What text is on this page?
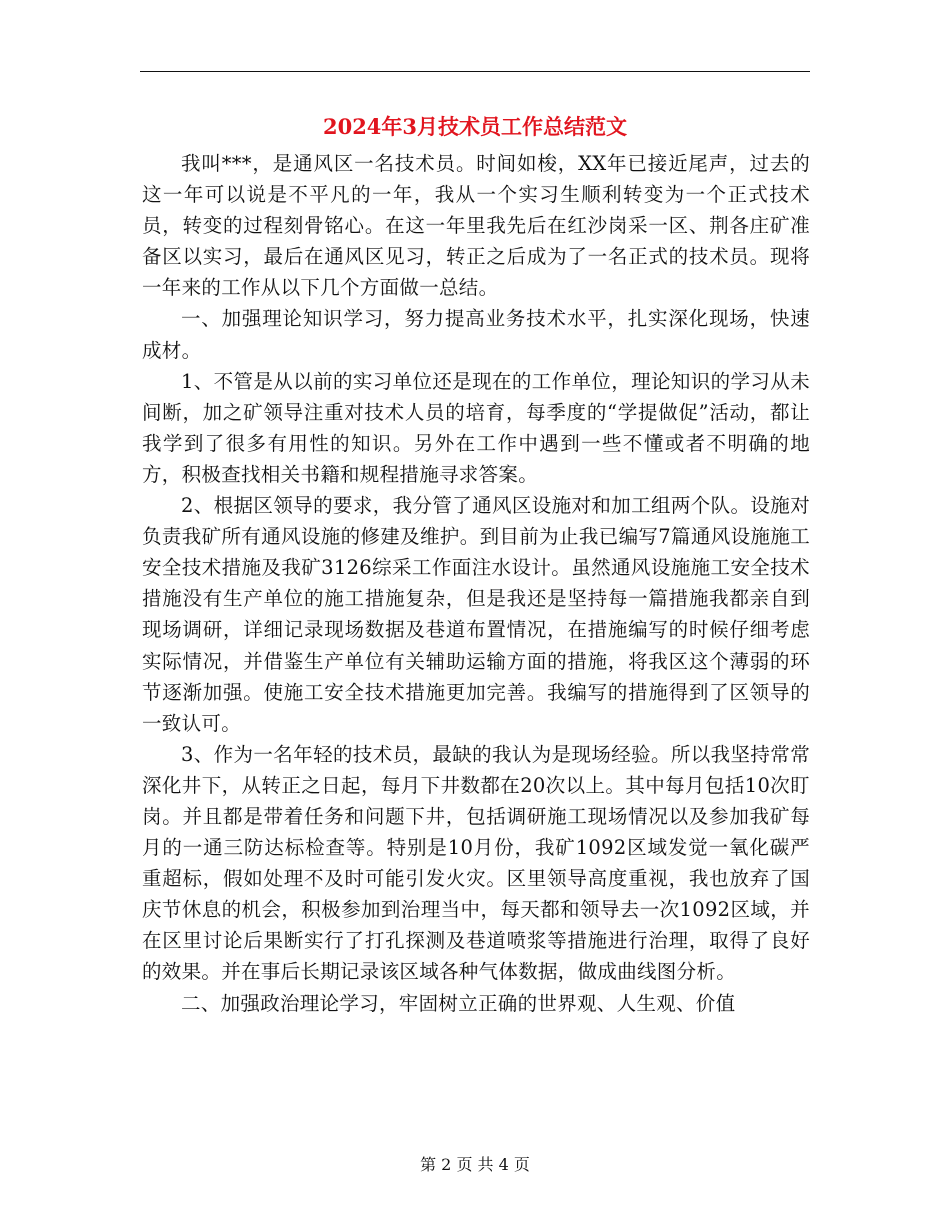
2024年3月技术员工作总结范文

我叫***，是通风区一名技术员。时间如梭，XX年已接近尾声，过去的这一年可以说是不平凡的一年，我从一个实习生顺利转变为一个正式技术员，转变的过程刻骨铭心。在这一年里我先后在红沙岗采一区、荆各庄矿准备区以实习，最后在通风区见习，转正之后成为了一名正式的技术员。现将一年来的工作从以下几个方面做一总结。

一、加强理论知识学习，努力提高业务技术水平，扎实深化现场，快速成材。

1、不管是从以前的实习单位还是现在的工作单位，理论知识的学习从未间断，加之矿领导注重对技术人员的培育，每季度的“学提做促”活动，都让我学到了很多有用性的知识。另外在工作中遇到一些不懂或者不明确的地方，积极查找相关书籍和规程措施寻求答案。

2、根据区领导的要求，我分管了通风区设施对和加工组两个队。设施对负责我矿所有通风设施的修建及维护。到目前为止我已编写7篇通风设施施工安全技术措施及我矿3126综采工作面注水设计。虽然通风设施施工安全技术措施没有生产单位的施工措施复杂，但是我还是坚持每一篇措施我都亲自到现场调研，详细记录现场数据及巷道布置情况，在措施编写的时候仔细考虑实际情况，并借鉴生产单位有关辅助运输方面的措施，将我区这个薄弱的环节逐渐加强。使施工安全技术措施更加完善。我编写的措施得到了区领导的一致认可。

3、作为一名年轻的技术员，最缺的我认为是现场经验。所以我坚持常常深化井下，从转正之日起，每月下井数都在20次以上。其中每月包括10次盯岗。并且都是带着任务和问题下井，包括调研施工现场情况以及参加我矿每月的一通三防达标检查等。特别是10月份，我矿1092区域发觉一氧化碳严重超标，假如处理不及时可能引发火灾。区里领导高度重视，我也放弃了国庆节休息的机会，积极参加到治理当中，每天都和领导去一次1092区域，并在区里讨论后果断实行了打孔探测及巷道喷浆等措施进行治理，取得了良好的效果。并在事后长期记录该区域各种气体数据，做成曲线图分析。

二、加强政治理论学习，牢固树立正确的世界观、人生观、价值

第 2 页 共 4 页
